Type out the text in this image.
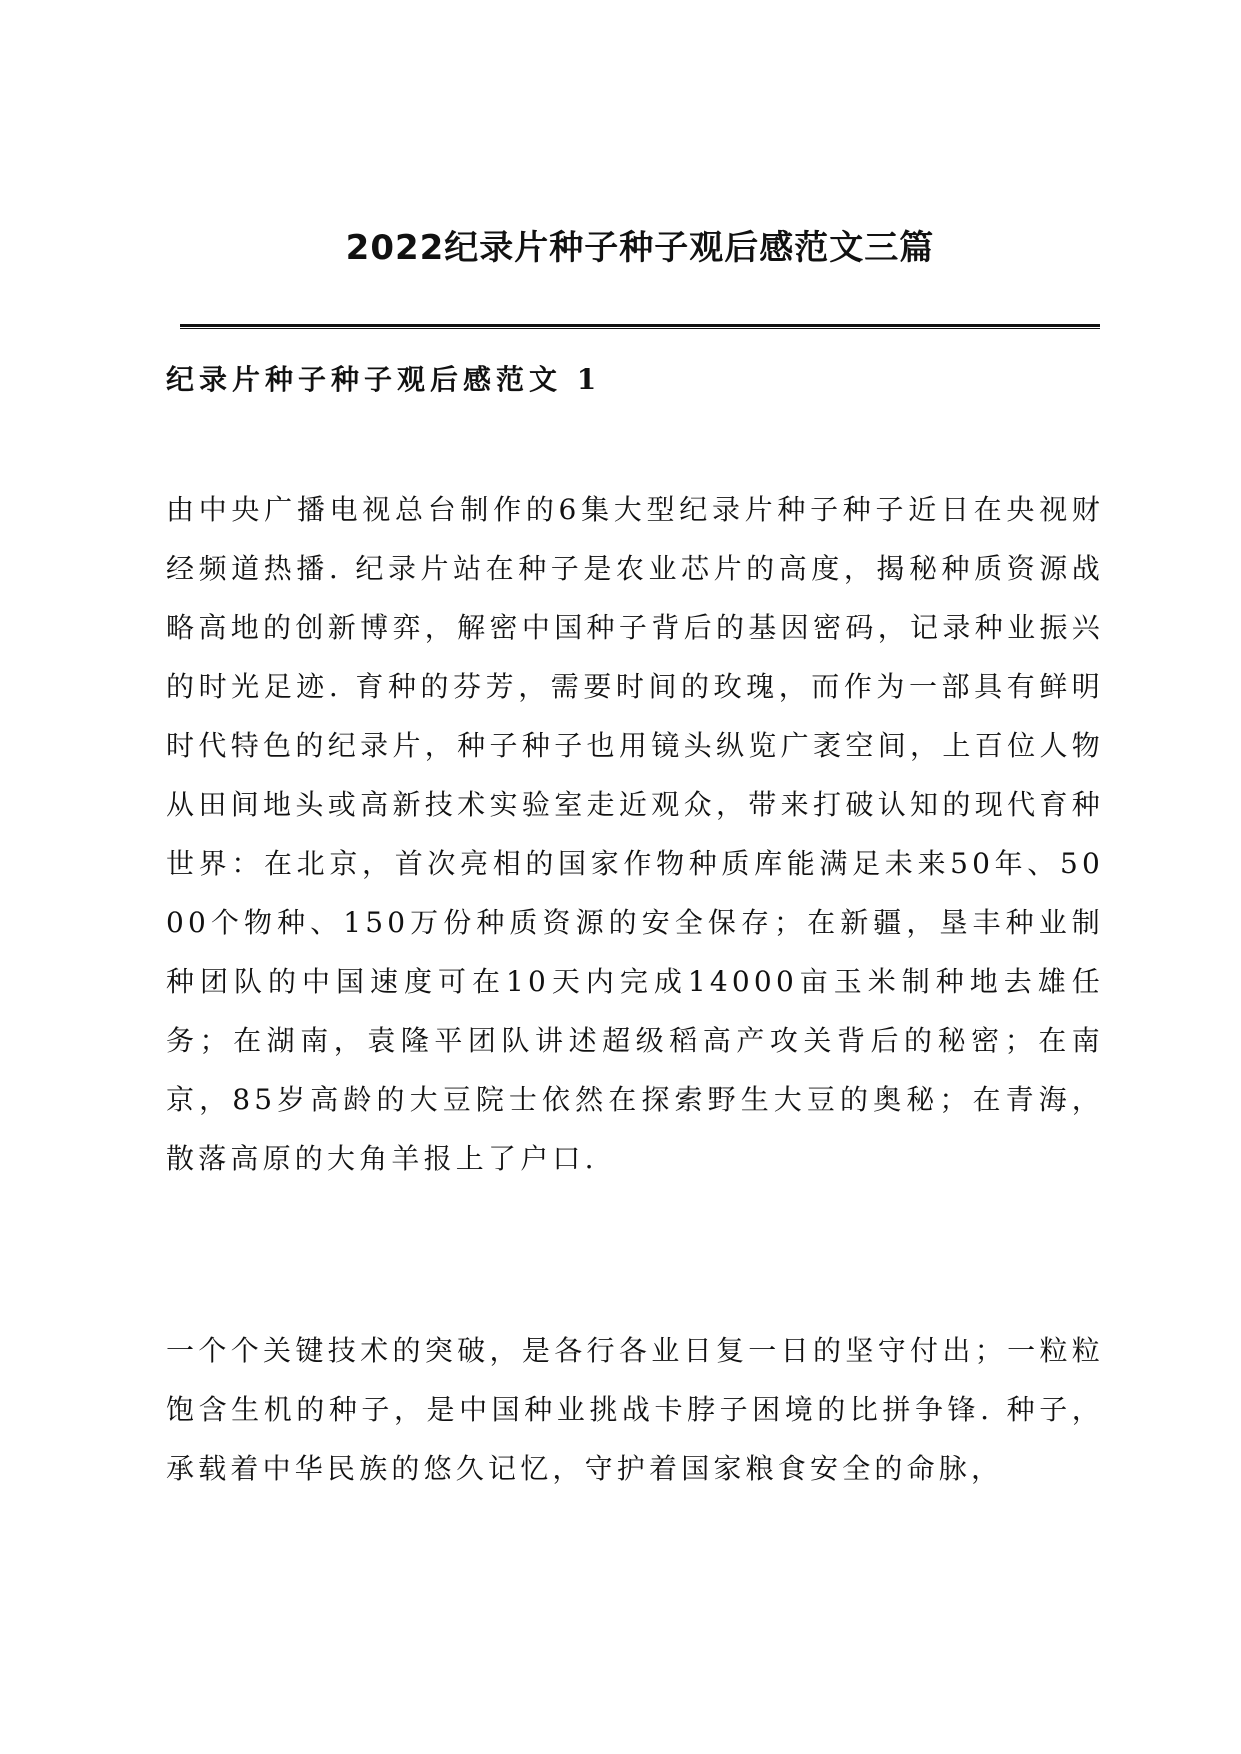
2022纪录片种子种子观后感范文三篇
纪录片种子种子观后感范文 1

由中央广播电视总台制作的6集大型纪录片种子种子近日在央视财经频道热播. 纪录片站在种子是农业芯片的高度，揭秘种质资源战略高地的创新博弈，解密中国种子背后的基因密码，记录种业振兴的时光足迹. 育种的芬芳，需要时间的玫瑰，而作为一部具有鲜明时代特色的纪录片，种子种子也用镜头纵览广袤空间，上百位人物从田间地头或高新技术实验室走近观众，带来打破认知的现代育种世界：在北京，首次亮相的国家作物种质库能满足未来50年、5000个物种、150万份种质资源的安全保存；在新疆，垦丰种业制种团队的中国速度可在10天内完成14000亩玉米制种地去雄任务；在湖南，袁隆平团队讲述超级稻高产攻关背后的秘密；在南京，85岁高龄的大豆院士依然在探索野生大豆的奥秘；在青海，散落高原的大角羊报上了户口.

一个个关键技术的突破，是各行各业日复一日的坚守付出；一粒粒饱含生机的种子，是中国种业挑战卡脖子困境的比拼争锋. 种子，承载着中华民族的悠久记忆，守护着国家粮食安全的命脉，
